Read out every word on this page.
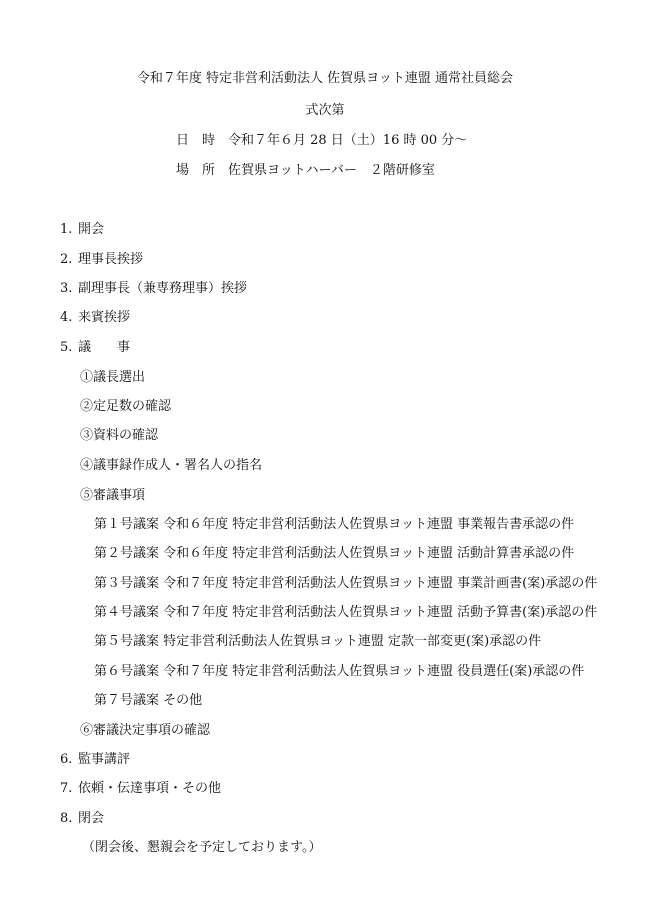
令和７年度 特定非営利活動法人 佐賀県ヨット連盟 通常社員総会
式次第
日　時 令和７年６月 28 日（土）16 時 00 分～
場　所 佐賀県ヨットハーバー　２階研修室
1. 開会
2. 理事長挨拶
3. 副理事長（兼専務理事）挨拶
4. 来賓挨拶
5. 議　　事
①議長選出
②定足数の確認
③資料の確認
④議事録作成人・署名人の指名
⑤審議事項
第１号議案 令和６年度 特定非営利活動法人佐賀県ヨット連盟 事業報告書承認の件
第２号議案 令和６年度 特定非営利活動法人佐賀県ヨット連盟 活動計算書承認の件
第３号議案 令和７年度 特定非営利活動法人佐賀県ヨット連盟 事業計画書(案)承認の件
第４号議案 令和７年度 特定非営利活動法人佐賀県ヨット連盟 活動予算書(案)承認の件
第５号議案 特定非営利活動法人佐賀県ヨット連盟 定款一部変更(案)承認の件
第６号議案 令和７年度 特定非営利活動法人佐賀県ヨット連盟 役員選任(案)承認の件
第７号議案 その他
⑥審議決定事項の確認
6. 監事講評
7. 依頼・伝達事項・その他
8. 閉会
（閉会後、懇親会を予定しております。）
